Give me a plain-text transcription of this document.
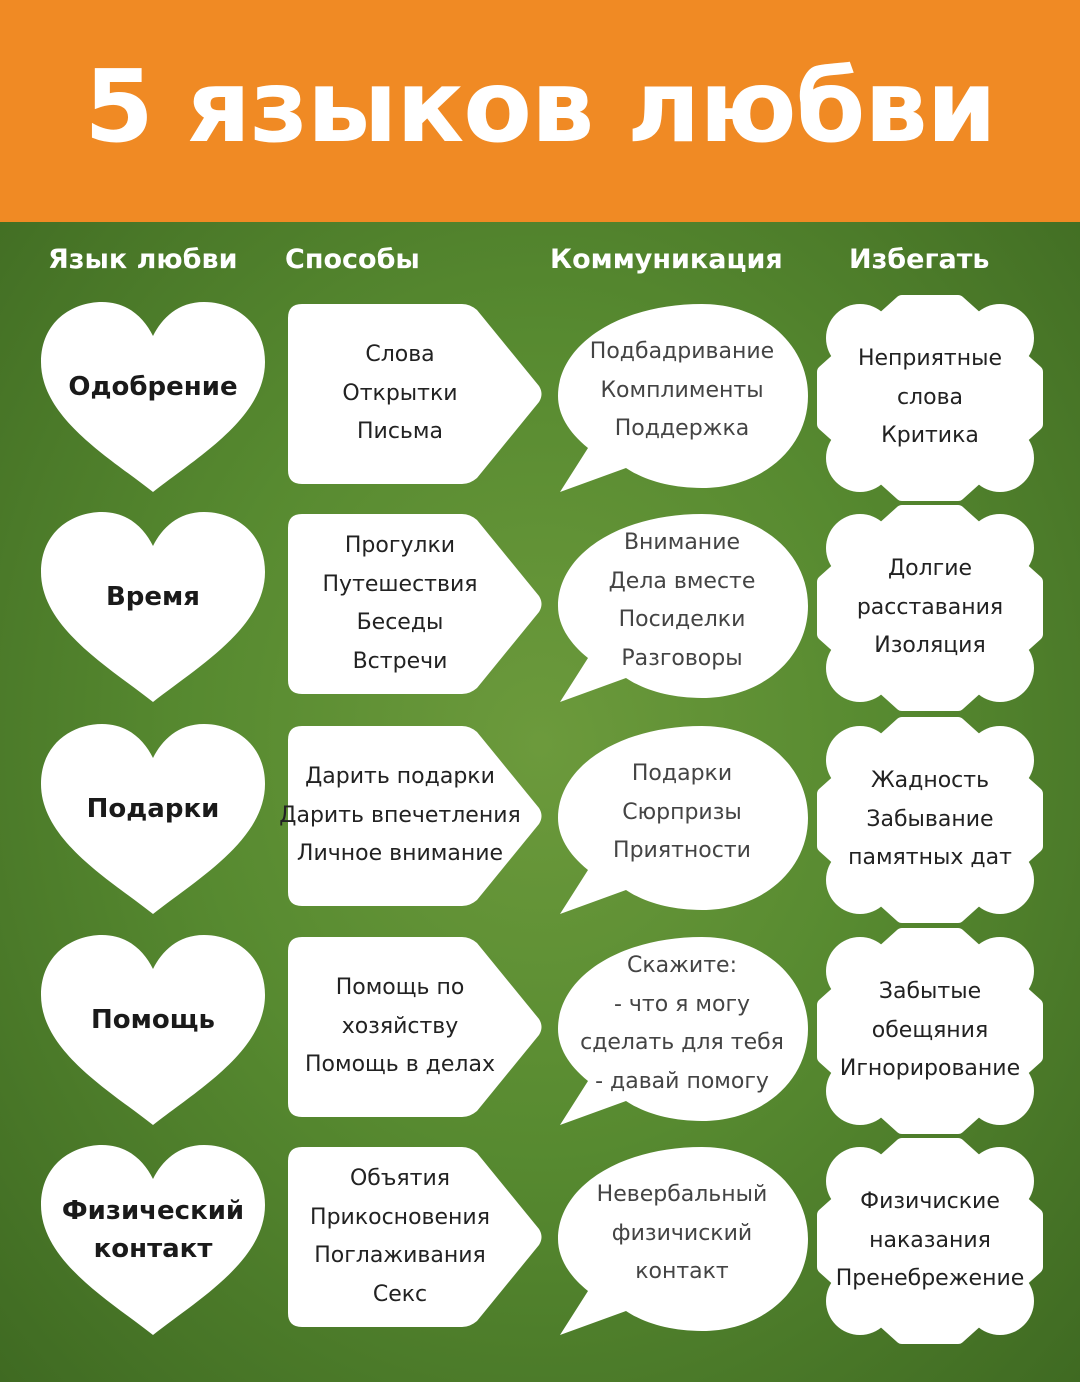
5 языков любви
Язык любви Способы	Коммуникация Избегать
Одобрение
Слова
Открытки
Письма
Подбадривание
Комплименты
Поддержка
Неприятные
слова
Критика
Время
Прогулки
Путешествия
Беседы
Встречи
Внимание
Дела вместе
Посиделки
Разговоры
Долгие
расставания
Изоляция
Подарки
Дарить подарки
Дарить впечетления
Личное внимание
Подарки
Сюрпризы
Приятности
Жадность
Забывание
памятных дат
Помощь
Помощь по
хозяйству
Помощь в делах
Скажите:
- что я могу
сделать для тебя
- давай помогу
Забытые
обещяния
Игнорирование
Физический
контакт
Объятия
Прикосновения
Поглаживания
Секс
Невербальный
физичиский
контакт
Физичиские
наказания
Пренебрежение
